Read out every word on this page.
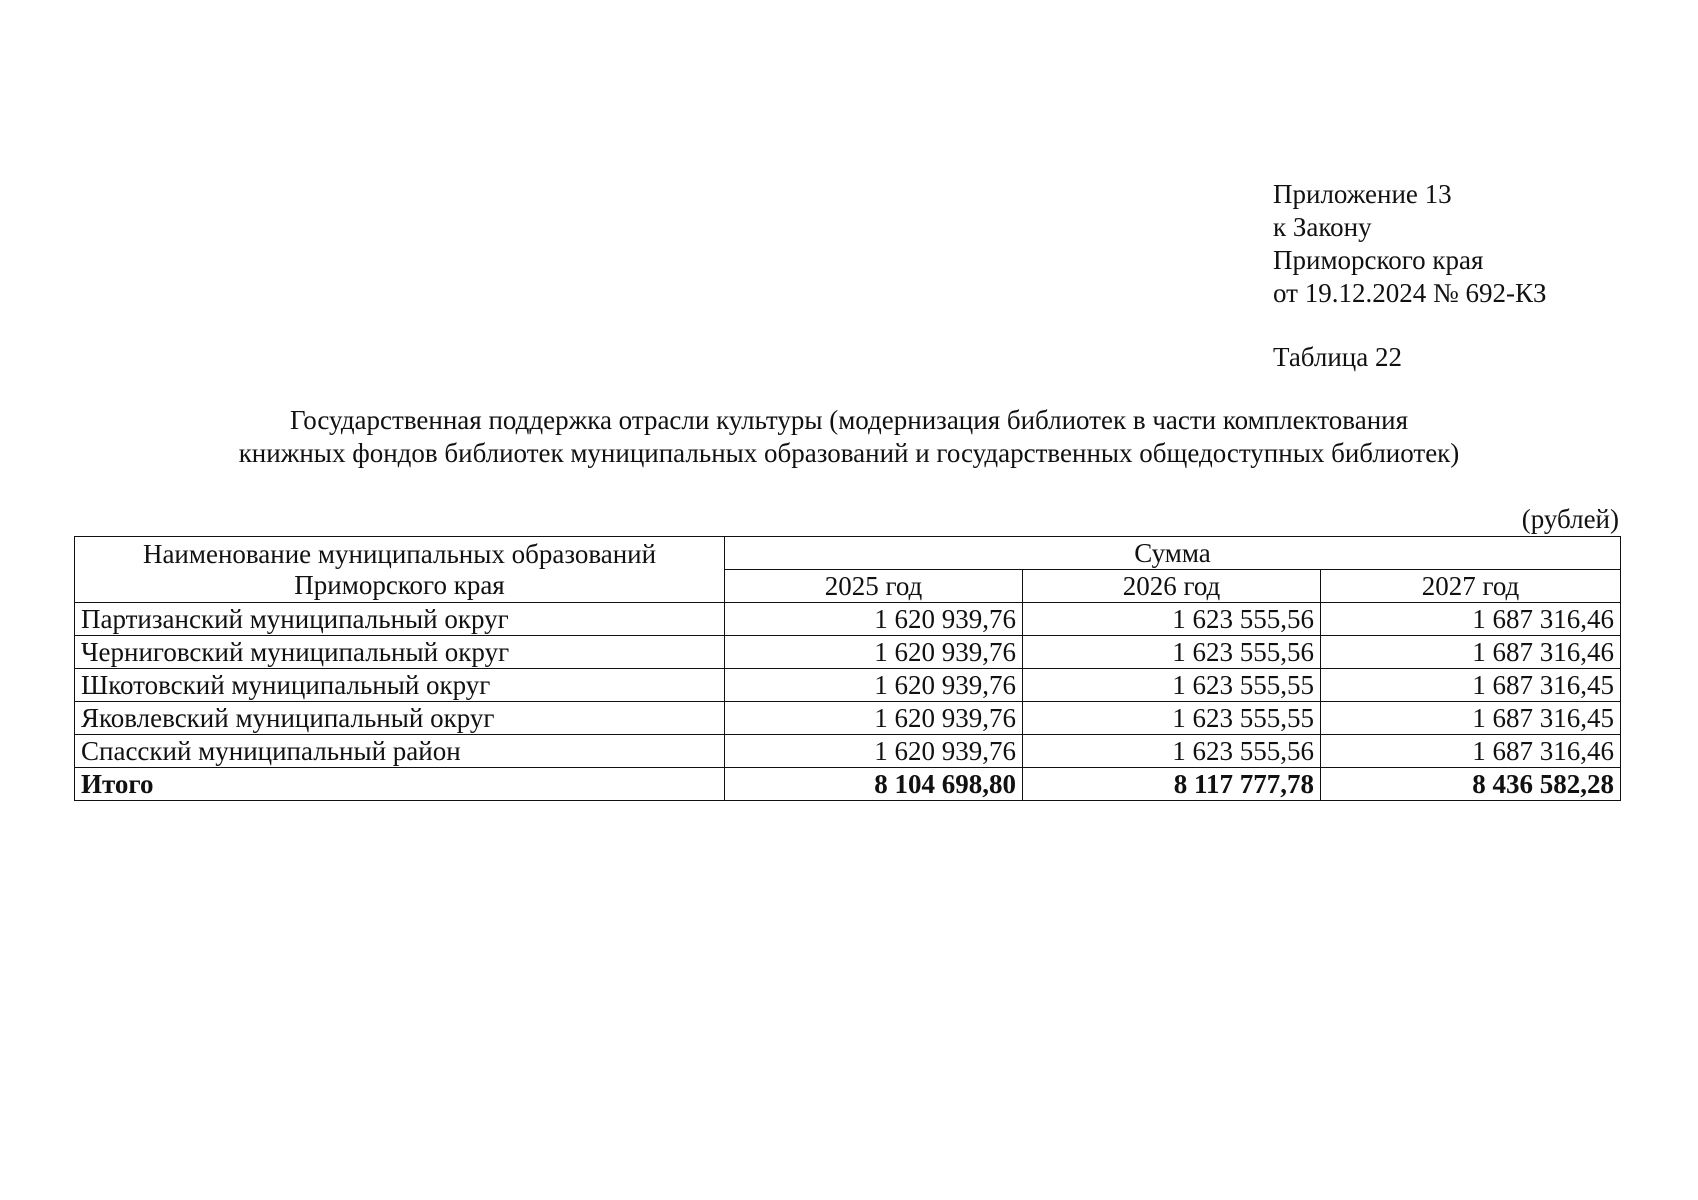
Приложение 13
к Закону
Приморского края
от 19.12.2024 № 692-КЗ
Таблица 22
Государственная поддержка отрасли культуры (модернизация библиотек в части комплектования
книжных фондов библиотек муниципальных образований и государственных общедоступных библиотек)
(рублей)
Наименование муниципальных образований
Приморского края	Сумма		
	2025 год	2026 год	2027 год
Партизанский муниципальный округ	1 620 939,76	1 623 555,56	1 687 316,46
Черниговский муниципальный округ	1 620 939,76	1 623 555,56	1 687 316,46
Шкотовский муниципальный округ	1 620 939,76	1 623 555,55	1 687 316,45
Яковлевский муниципальный округ	1 620 939,76	1 623 555,55	1 687 316,45
Спасский муниципальный район	1 620 939,76	1 623 555,56	1 687 316,46
Итого	8 104 698,80	8 117 777,78	8 436 582,28
